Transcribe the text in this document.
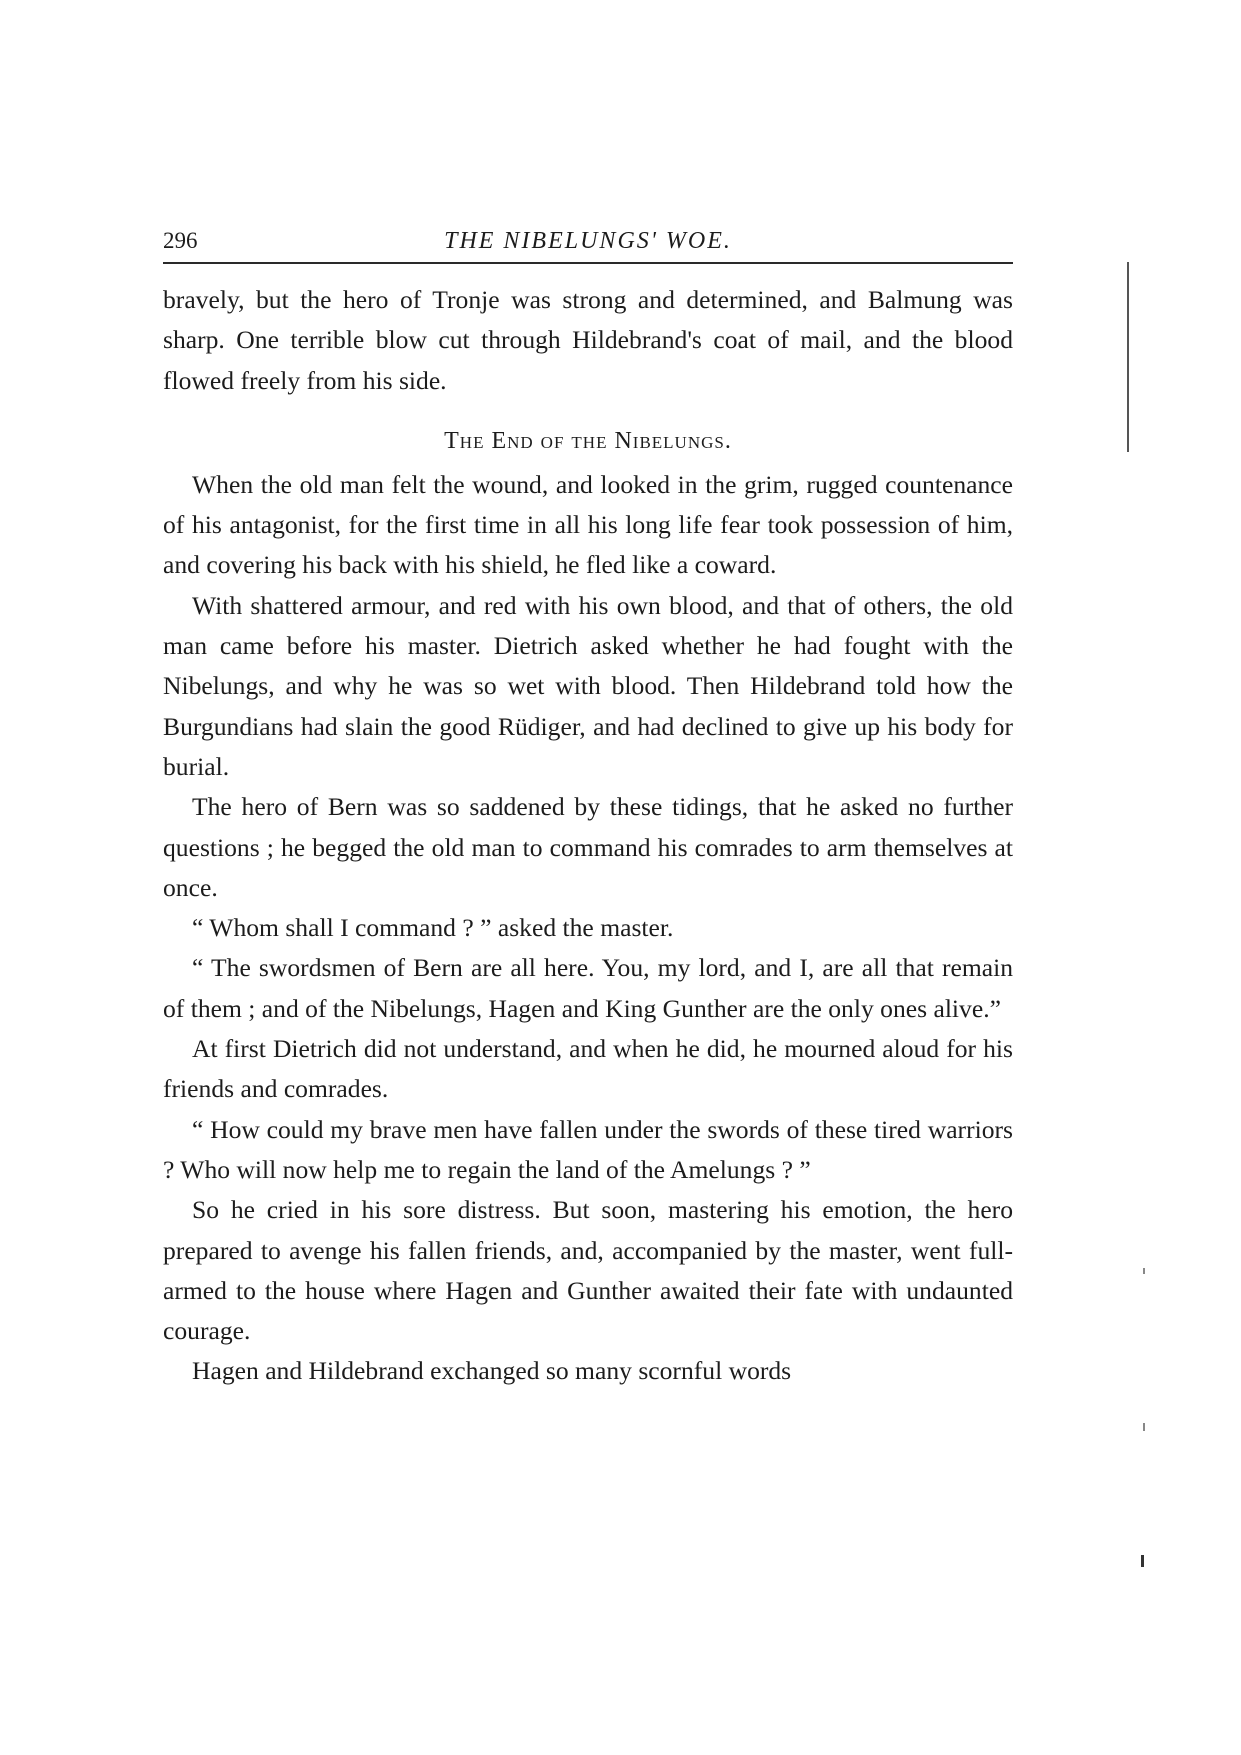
296	THE NIBELUNGS' WOE.

bravely, but the hero of Tronje was strong and determined, and Balmung was sharp. One terrible blow cut through Hildebrand's coat of mail, and the blood flowed freely from his side.

The End of the Nibelungs.

When the old man felt the wound, and looked in the grim, rugged countenance of his antagonist, for the first time in all his long life fear took possession of him, and covering his back with his shield, he fled like a coward.

With shattered armour, and red with his own blood, and that of others, the old man came before his master. Dietrich asked whether he had fought with the Nibelungs, and why he was so wet with blood. Then Hildebrand told how the Burgundians had slain the good Rüdiger, and had declined to give up his body for burial.

The hero of Bern was so saddened by these tidings, that he asked no further questions ; he begged the old man to command his comrades to arm themselves at once.

“ Whom shall I command ? ” asked the master.

“ The swordsmen of Bern are all here. You, my lord, and I, are all that remain of them ; and of the Nibelungs, Hagen and King Gunther are the only ones alive.”

At first Dietrich did not understand, and when he did, he mourned aloud for his friends and comrades.

“ How could my brave men have fallen under the swords of these tired warriors ? Who will now help me to regain the land of the Amelungs ? ”

So he cried in his sore distress. But soon, mastering his emotion, the hero prepared to avenge his fallen friends, and, accompanied by the master, went full-armed to the house where Hagen and Gunther awaited their fate with undaunted courage.

Hagen and Hildebrand exchanged so many scornful words
